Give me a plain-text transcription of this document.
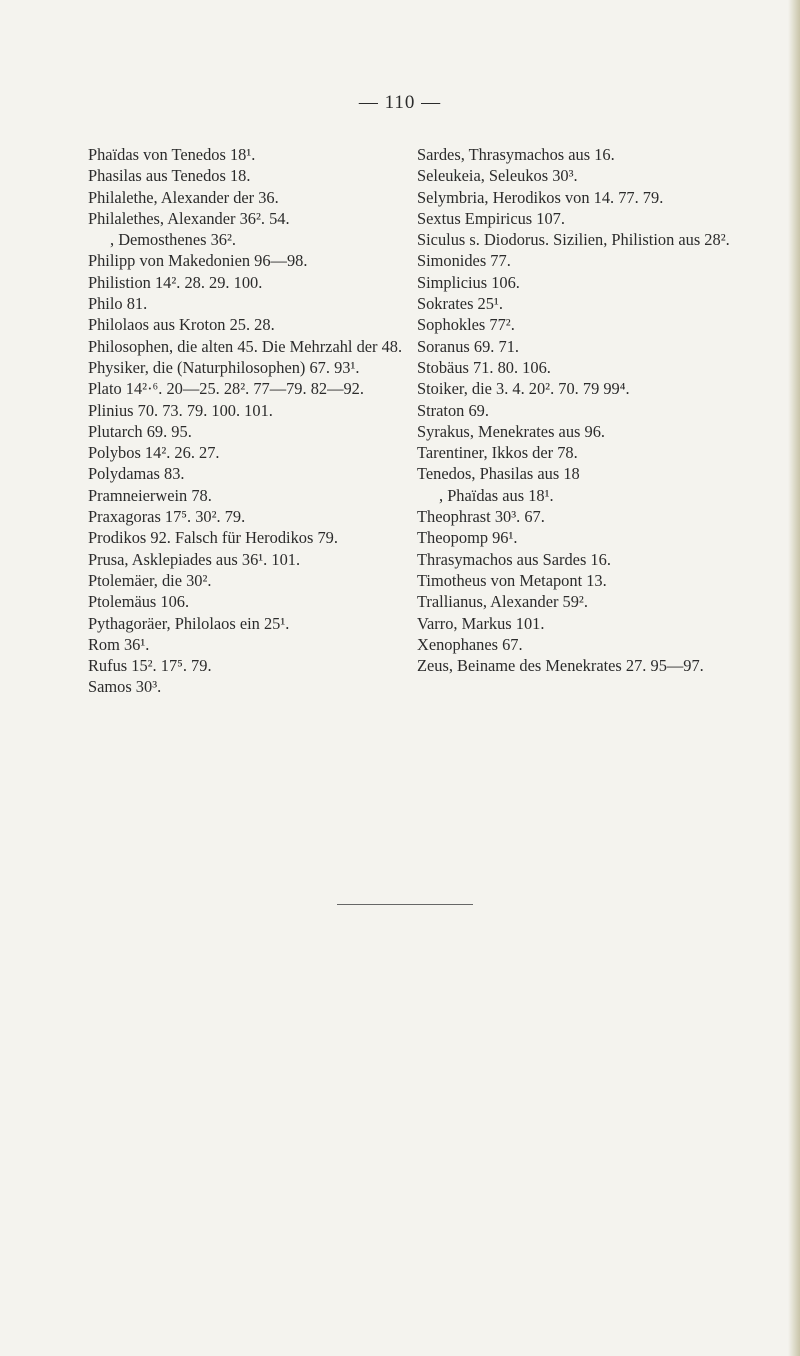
— 110 —

Phaïdas von Tenedos 18¹.

Phasilas aus Tenedos 18.

Philalethe, Alexander der 36.

Philalethes, Alexander 36². 54.

, Demosthenes 36².

Philipp von Makedonien 96—98.

Philistion 14². 28. 29. 100.

Philo 81.

Philolaos aus Kroton 25. 28.

Philosophen, die alten 45. Die Mehrzahl der 48.

Physiker, die (Naturphilosophen) 67. 93¹.

Plato 14²·⁶. 20—25. 28². 77—79. 82—92.

Plinius 70. 73. 79. 100. 101.

Plutarch 69. 95.

Polybos 14². 26. 27.

Polydamas 83.

Pramneierwein 78.

Praxagoras 17⁵. 30². 79.

Prodikos 92. Falsch für Herodikos 79.

Prusa, Asklepiades aus 36¹. 101.

Ptolemäer, die 30².

Ptolemäus 106.

Pythagoräer, Philolaos ein 25¹.

Rom 36¹.

Rufus 15². 17⁵. 79.

Samos 30³.

Sardes, Thrasymachos aus 16.

Seleukeia, Seleukos 30³.

Selymbria, Herodikos von 14. 77. 79.

Sextus Empiricus 107.

Siculus s. Diodorus. Sizilien, Philistion aus 28².

Simonides 77.

Simplicius 106.

Sokrates 25¹.

Sophokles 77².

Soranus 69. 71.

Stobäus 71. 80. 106.

Stoiker, die 3. 4. 20². 70. 79 99⁴.

Straton 69.

Syrakus, Menekrates aus 96.

Tarentiner, Ikkos der 78.

Tenedos, Phasilas aus 18

, Phaïdas aus 18¹.

Theophrast 30³. 67.

Theopomp 96¹.

Thrasymachos aus Sardes 16.

Timotheus von Metapont 13.

Trallianus, Alexander 59².

Varro, Markus 101.

Xenophanes 67.

Zeus, Beiname des Menekrates 27. 95—97.
